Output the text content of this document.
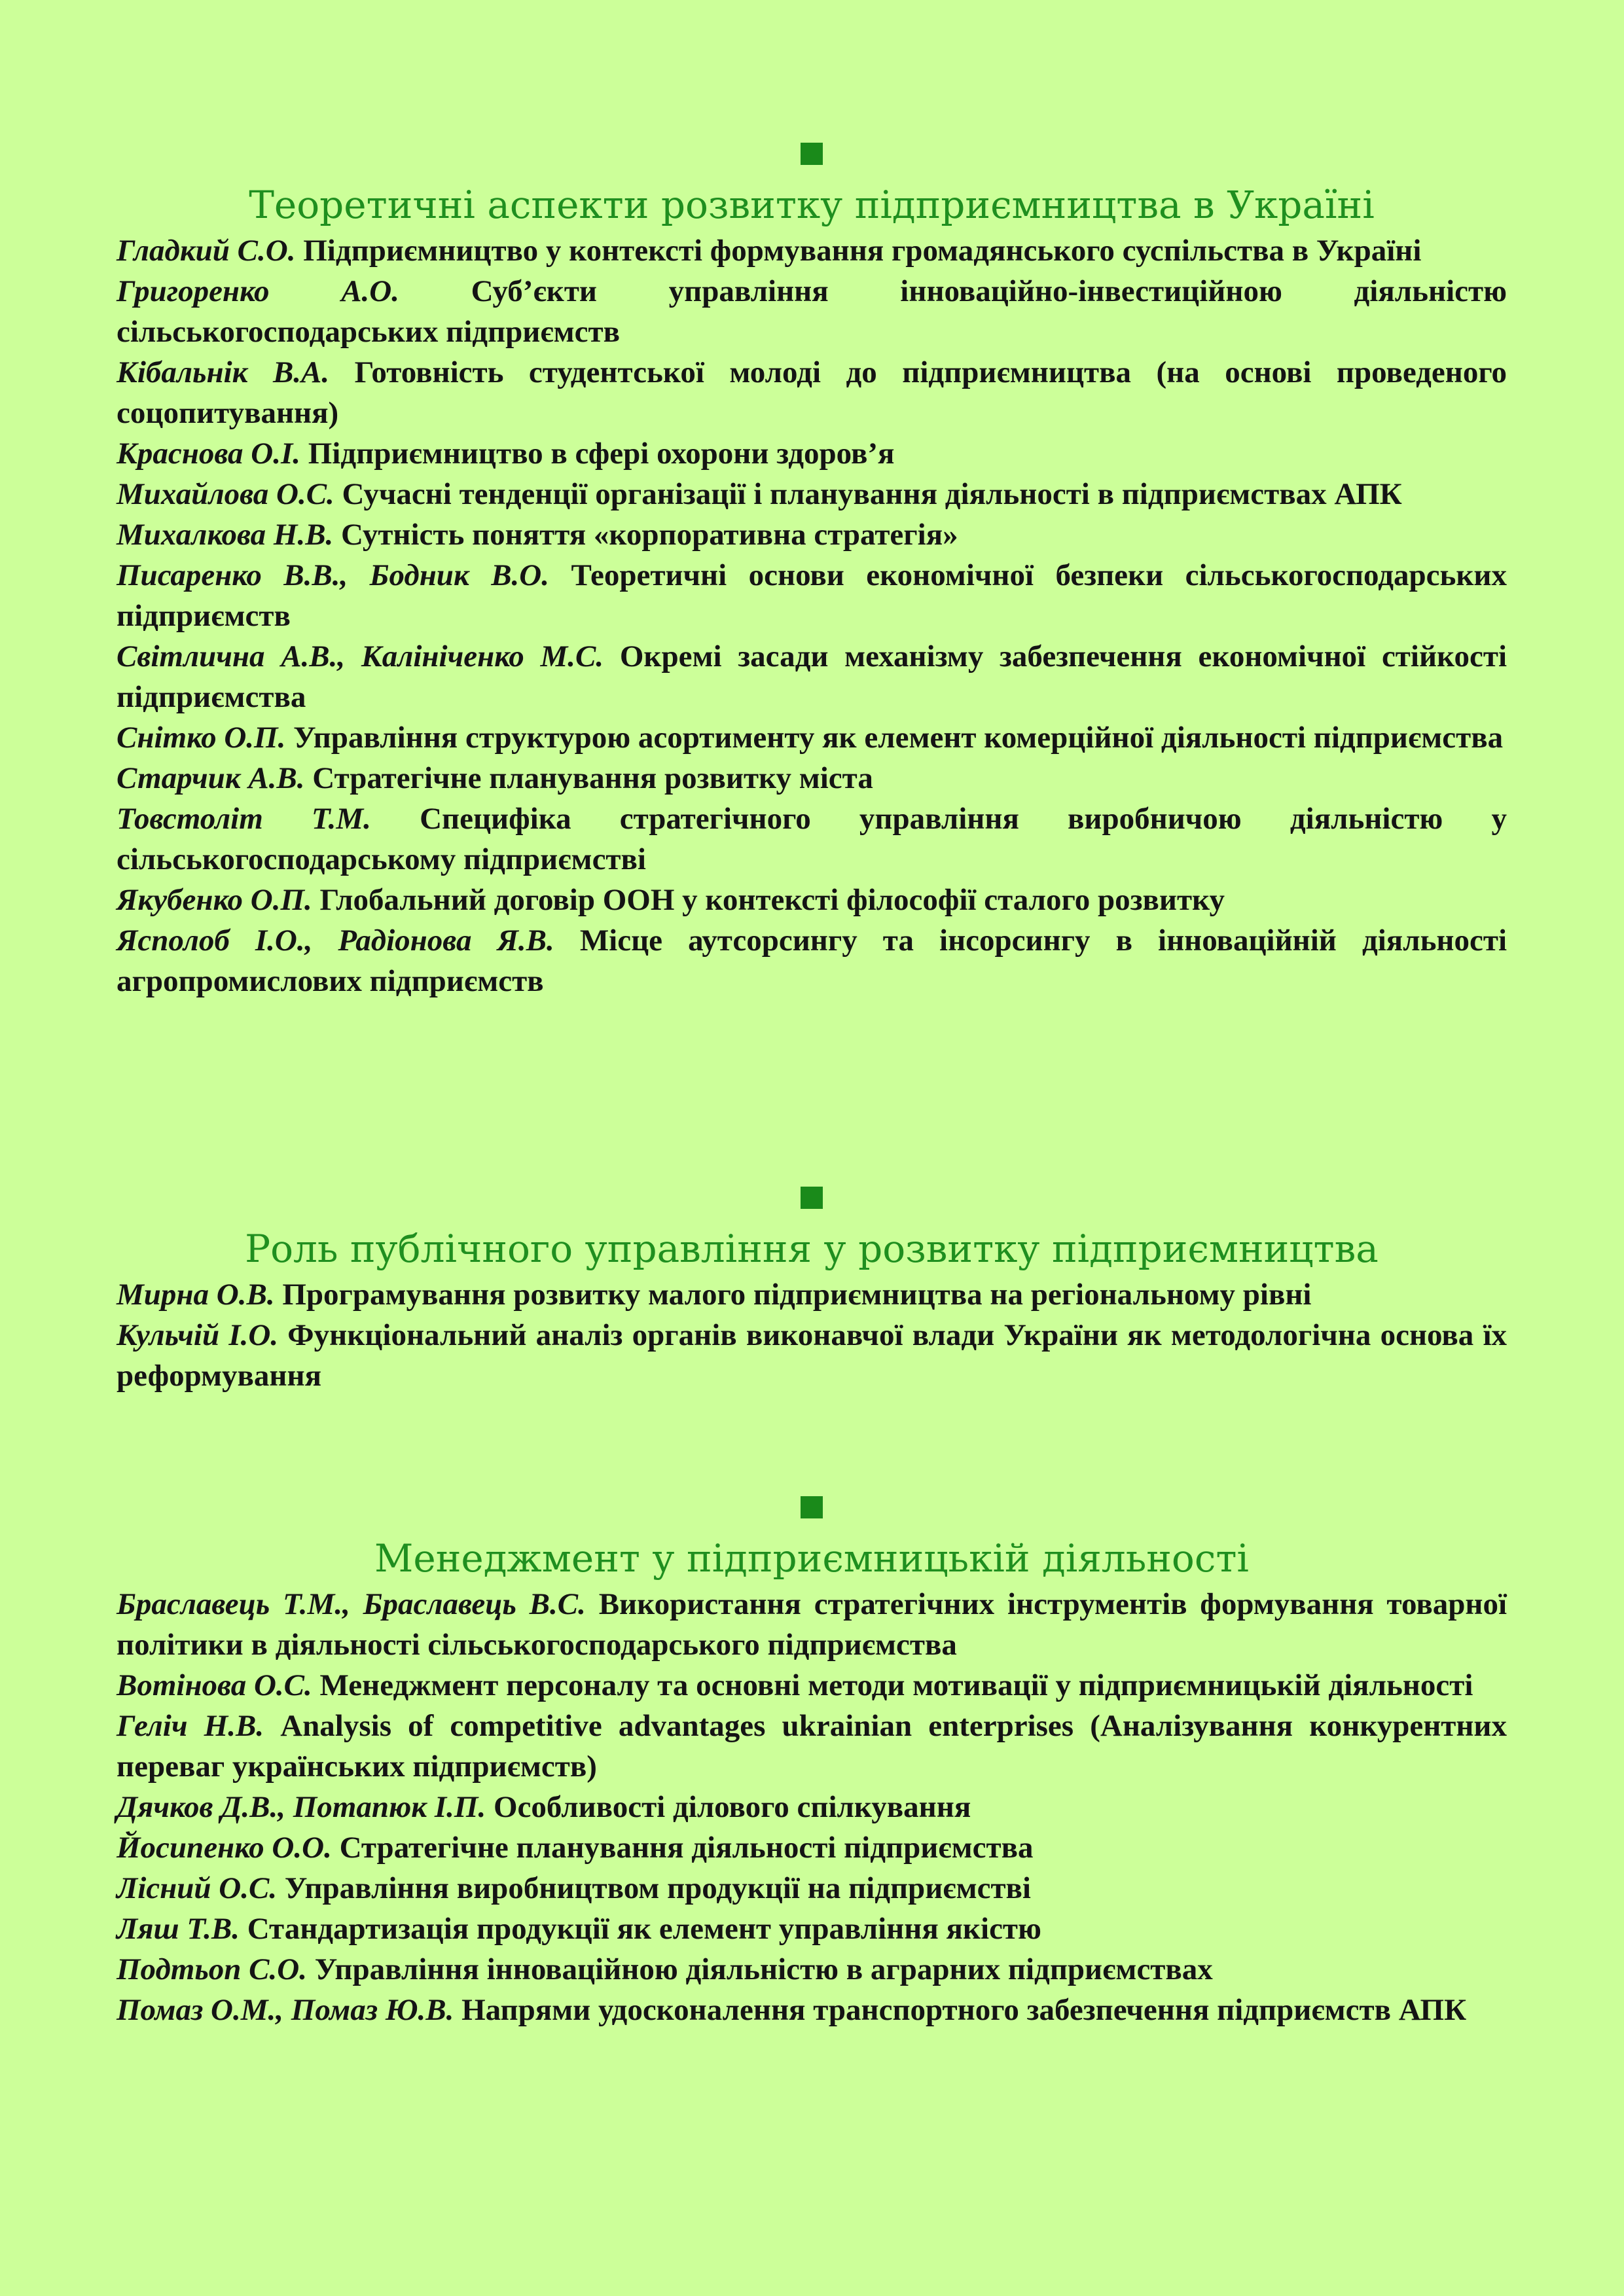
Теоретичні аспекти розвитку підприємництва в Україні
Гладкий С.О. Підприємництво у контексті формування громадянського суспільства в Україні
Григоренко А.О. Суб’єкти управління інноваційно-інвестиційною діяльністю сільськогосподарських підприємств
Кібальнік В.А. Готовність студентської молоді до підприємництва (на основі проведеного соцопитування)
Краснова О.І. Підприємництво в сфері охорони здоров’я
Михайлова О.С. Сучасні тенденції організації і планування діяльності в підприємствах АПК
Михалкова Н.В. Сутність поняття «корпоративна стратегія»
Писаренко В.В., Бодник В.О. Теоретичні основи економічної безпеки сільськогосподарських підприємств
Світлична А.В., Калініченко М.С. Окремі засади механізму забезпечення економічної стійкості підприємства
Снітко О.П. Управління структурою асортименту як елемент комерційної діяльності підприємства
Старчик А.В. Стратегічне планування розвитку міста
Товстоліт Т.М. Специфіка стратегічного управління виробничою діяльністю у сільськогосподарському підприємстві
Якубенко О.П. Глобальний договір ООН у контексті філософії сталого розвитку
Ясполоб І.О., Радіонова Я.В. Місце аутсорсингу та інсорсингу в інноваційній діяльності агропромислових підприємств
Роль публічного управління у розвитку підприємництва
Мирна О.В. Програмування розвитку малого підприємництва на регіональному рівні
Кульчій І.О. Функціональний аналіз органів виконавчої влади України як методологічна основа їх реформування
Менеджмент у підприємницькій діяльності
Браславець Т.М., Браславець В.С. Використання стратегічних інструментів формування товарної політики в діяльності сільськогосподарського підприємства
Вотінова О.С. Менеджмент персоналу та основні методи мотивації у підприємницькій діяльності
Геліч Н.В. Analysis of competitive advantages ukrainian enterprises (Аналізування конкурентних переваг українських підприємств)
Дячков Д.В., Потапюк І.П. Особливості ділового спілкування
Йосипенко О.О. Стратегічне планування діяльності підприємства
Лісний О.С. Управління виробництвом продукції на підприємстві
Ляш Т.В. Стандартизація продукції як елемент управління якістю
Подтьоп С.О. Управління інноваційною діяльністю в аграрних підприємствах
Помаз О.М., Помаз Ю.В. Напрями удосконалення транспортного забезпечення підприємств АПК
